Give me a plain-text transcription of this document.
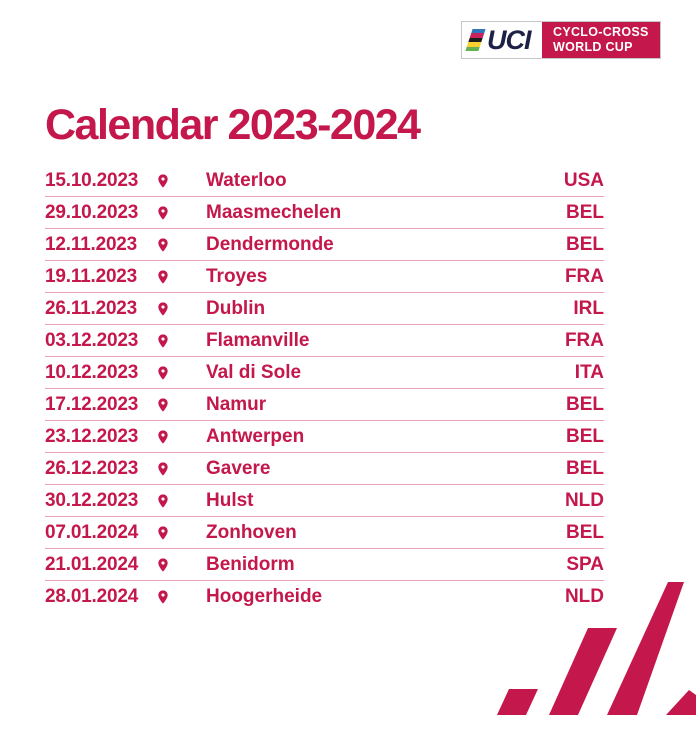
UCI CYCLO-CROSS
WORLD CUP
Calendar 2023-2024
15.10.2023	Waterloo	USA
29.10.2023	Maasmechelen	BEL
12.11.2023	Dendermonde	BEL
19.11.2023	Troyes	FRA
26.11.2023	Dublin	IRL
03.12.2023	Flamanville	FRA
10.12.2023	Val di Sole	ITA
17.12.2023	Namur	BEL
23.12.2023	Antwerpen	BEL
26.12.2023	Gavere	BEL
30.12.2023	Hulst	NLD
07.01.2024	Zonhoven	BEL
21.01.2024	Benidorm	SPA
28.01.2024	Hoogerheide	NLD
